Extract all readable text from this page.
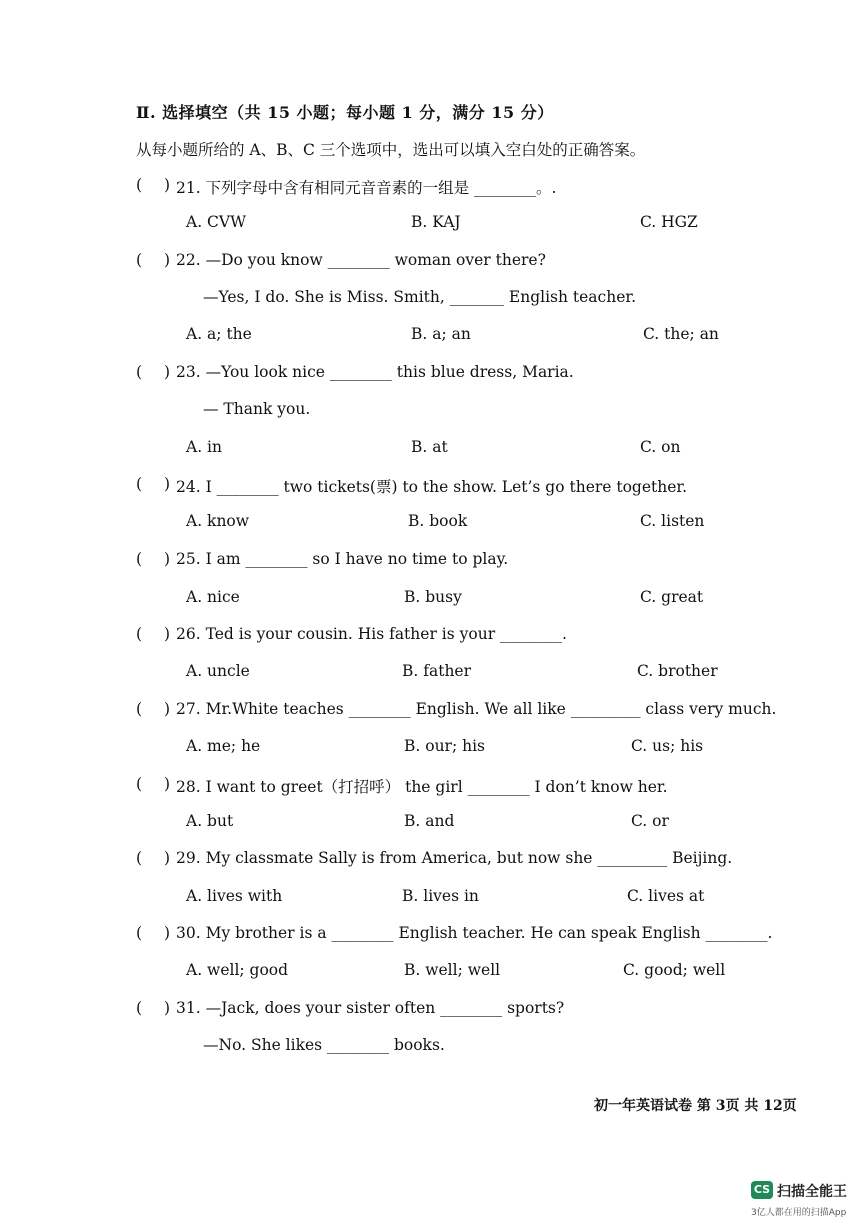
Ⅱ. 选择填空（共 15 小题；每小题 1 分，满分 15 分）
从每小题所给的 A、B、C 三个选项中，选出可以填入空白处的正确答案。
( ) 21. 下列字母中含有相同元音音素的一组是 ________。.
A. CVW	B. KAJ	C. HGZ
( ) 22. —Do you know ________ woman over there?
—Yes, I do. She is Miss. Smith, _______ English teacher.
A. a; the	B. a; an	C. the; an
( ) 23. —You look nice ________ this blue dress, Maria.
— Thank you.
A. in	B. at	C. on
( ) 24. I ________ two tickets(票) to the show. Let’s go there together.
A. know	B. book	C. listen
( ) 25. I am ________ so I have no time to play.
A. nice	B. busy	C. great
( ) 26. Ted is your cousin. His father is your ________.
A. uncle	B. father	C. brother
( ) 27. Mr.White teaches ________ English. We all like _________ class very much.
A. me; he	B. our; his	C. us; his
( ) 28. I want to greet（打招呼） the girl ________ I don’t know her.
A. but	B. and	C. or
( ) 29. My classmate Sally is from America, but now she _________ Beijing.
A. lives with	B. lives in	C. lives at
( ) 30. My brother is a ________ English teacher. He can speak English ________.
A. well; good	B. well; well	C. good; well
( ) 31. —Jack, does your sister often ________ sports?
—No. She likes ________ books.
初一年英语试卷 第 3页 共 12页
CS 扫描全能王
3亿人都在用的扫描App
